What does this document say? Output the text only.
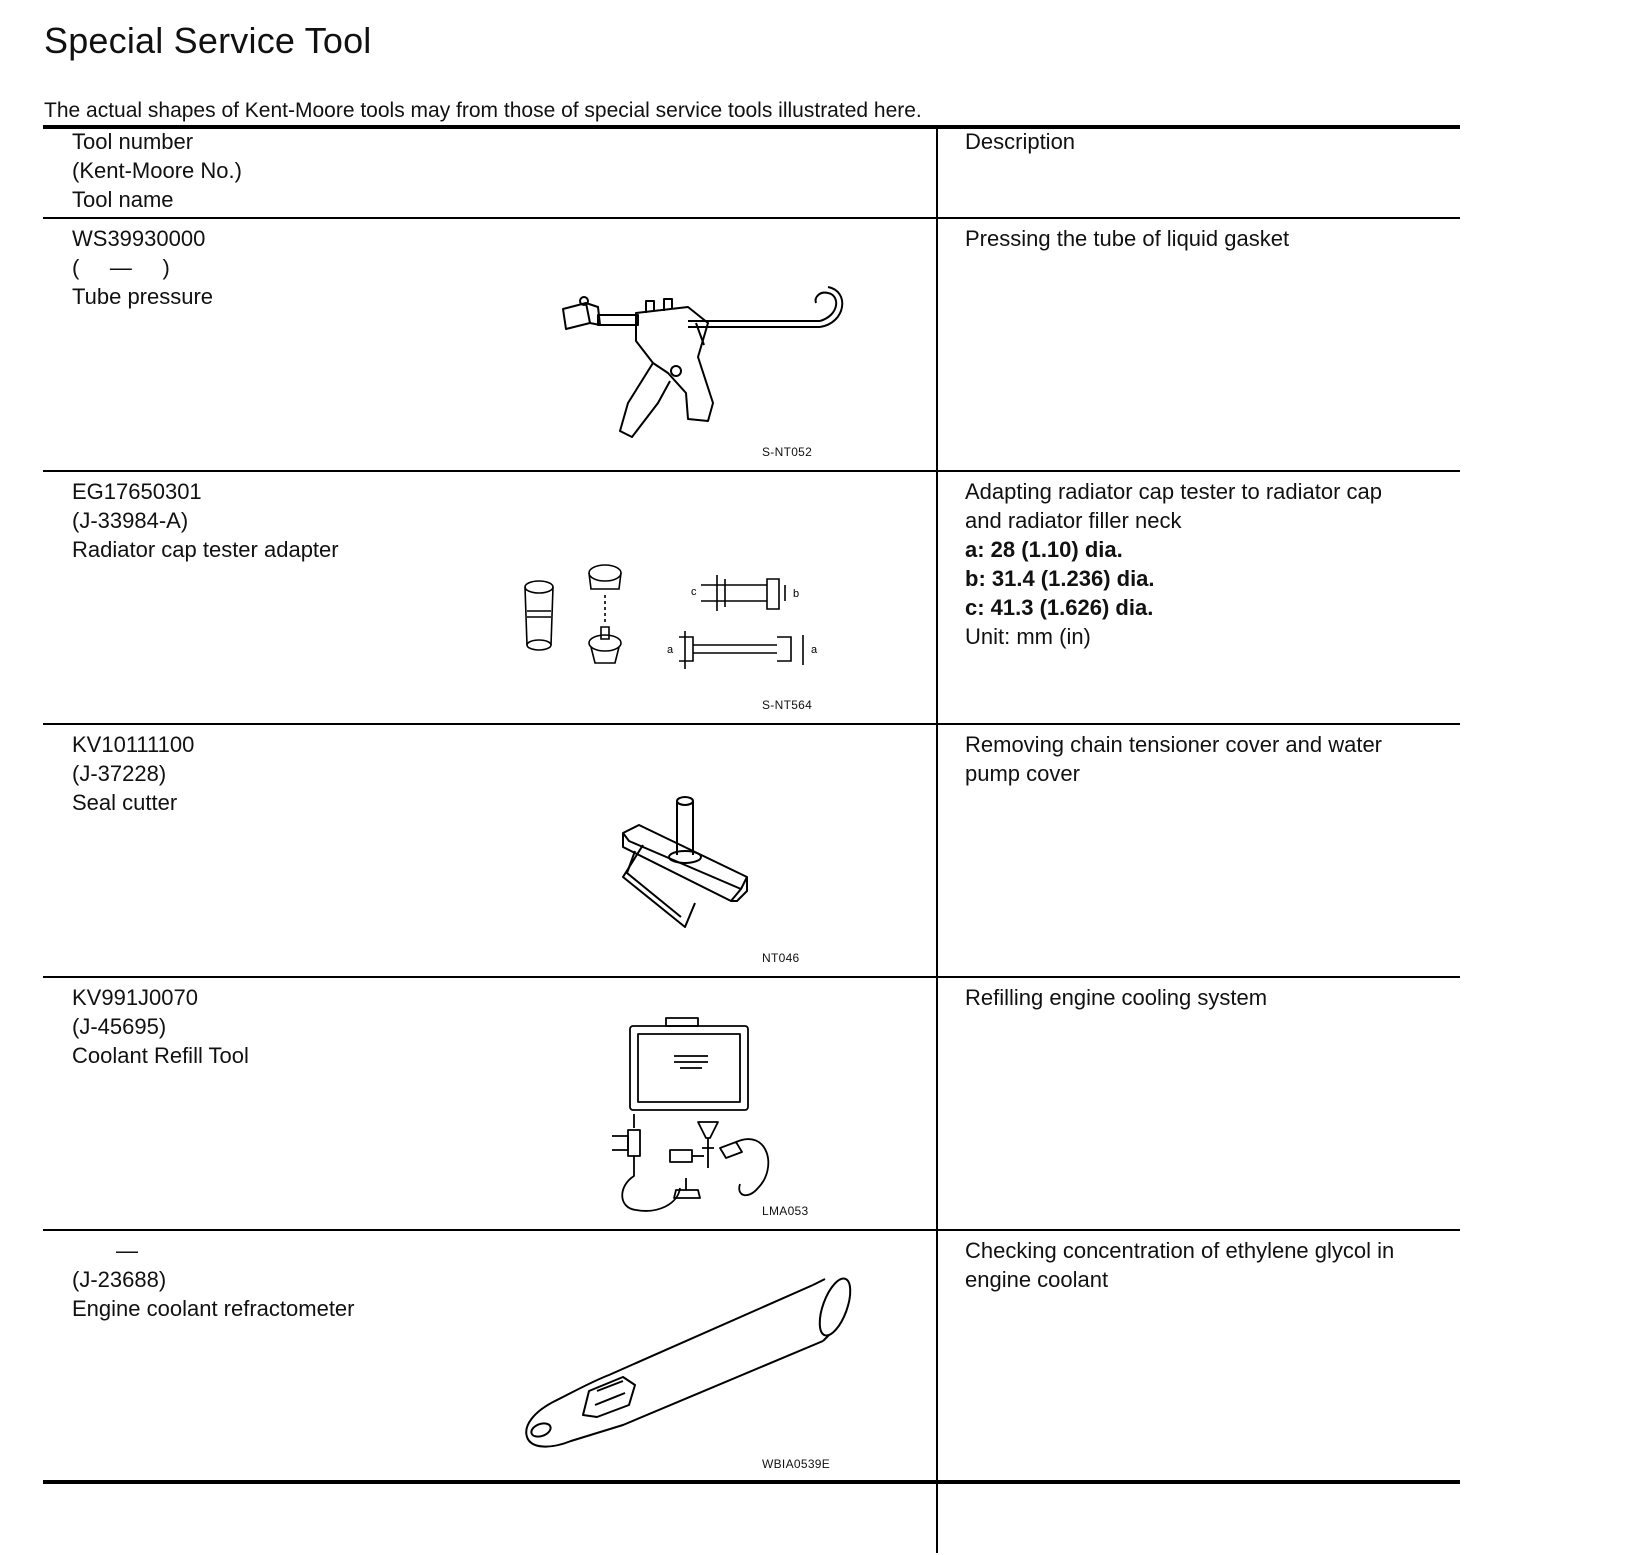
Special Service Tool
The actual shapes of Kent-Moore tools may from those of special service tools illustrated here.
Tool number
(Kent-Moore No.)
Tool name
Description
WS39930000
(     —     )
Tube pressure
Pressing the tube of liquid gasket
S-NT052
EG17650301
(J-33984-A)
Radiator cap tester adapter
Adapting radiator cap tester to radiator cap
and radiator filler neck
a: 28 (1.10) dia.
b: 31.4 (1.236) dia.
c: 41.3 (1.626) dia.
Unit: mm (in)
c	b
a	a
S-NT564
KV10111100
(J-37228)
Seal cutter
Removing chain tensioner cover and water
pump cover
NT046
KV991J0070
(J-45695)
Coolant Refill Tool
Refilling engine cooling system
LMA053
—
(J-23688)
Engine coolant refractometer
Checking concentration of ethylene glycol in
engine coolant
WBIA0539E
